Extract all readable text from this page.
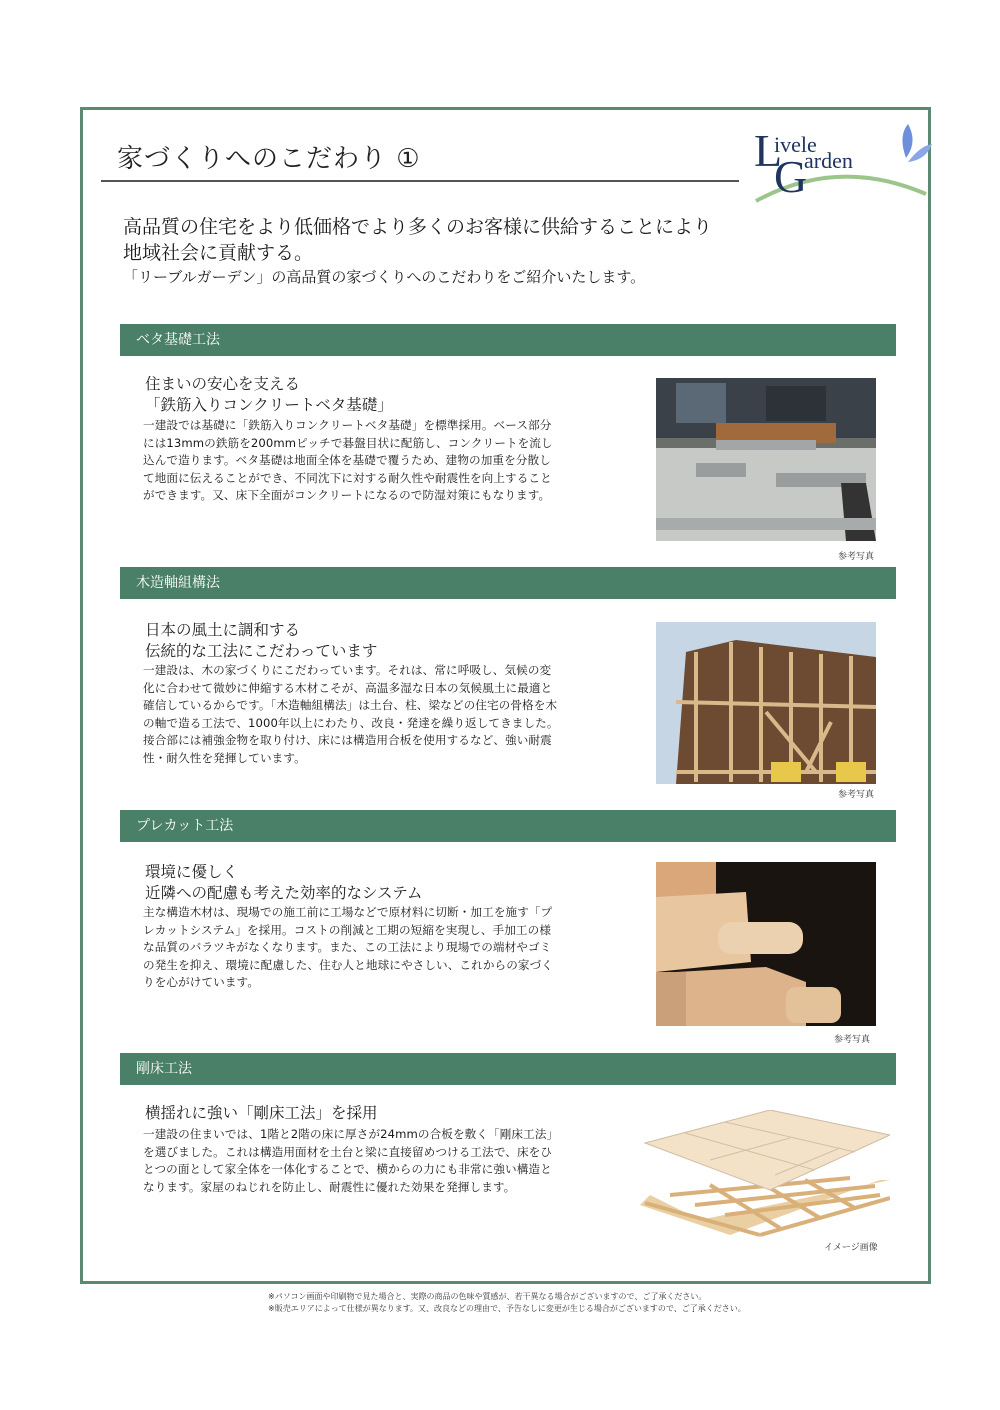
家づくりへのこだわり ①	L
ivele
G
arden
高品質の住宅をより低価格でより多くのお客様に供給することにより
地域社会に貢献する。
「リーブルガーデン」の高品質の家づくりへのこだわりをご紹介いたします。
ベタ基礎工法
住まいの安心を支える
「鉄筋入りコンクリートベタ基礎」
一建設では基礎に「鉄筋入りコンクリートベタ基礎」を標準採用。ベース部分には13mmの鉄筋を200mmピッチで碁盤目状に配筋し、コンクリートを流し込んで造ります。ベタ基礎は地面全体を基礎で覆うため、建物の加重を分散して地面に伝えることができ、不同沈下に対する耐久性や耐震性を向上することができます。又、床下全面がコンクリートになるので防湿対策にもなります。
参考写真
木造軸組構法
日本の風土に調和する
伝統的な工法にこだわっています
一建設は、木の家づくりにこだわっています。それは、常に呼吸し、気候の変化に合わせて微妙に伸縮する木材こそが、高温多湿な日本の気候風土に最適と確信しているからです。「木造軸組構法」は土台、柱、梁などの住宅の骨格を木の軸で造る工法で、1000年以上にわたり、改良・発達を繰り返してきました。接合部には補強金物を取り付け、床には構造用合板を使用するなど、強い耐震性・耐久性を発揮しています。
参考写真
プレカット工法
環境に優しく
近隣への配慮も考えた効率的なシステム
主な構造木材は、現場での施工前に工場などで原材料に切断・加工を施す「プレカットシステム」を採用。コストの削減と工期の短縮を実現し、手加工の様な品質のバラツキがなくなります。また、この工法により現場での端材やゴミの発生を抑え、環境に配慮した、住む人と地球にやさしい、これからの家づくりを心がけています。
参考写真
剛床工法
横揺れに強い「剛床工法」を採用
一建設の住まいでは、1階と2階の床に厚さが24mmの合板を敷く「剛床工法」を選びました。これは構造用面材を土台と梁に直接留めつける工法で、床をひとつの面として家全体を一体化することで、横からの力にも非常に強い構造となります。家屋のねじれを防止し、耐震性に優れた効果を発揮します。
イメージ画像
※パソコン画面や印刷物で見た場合と、実際の商品の色味や質感が、若干異なる場合がございますので、ご了承ください。
※販売エリアによって仕様が異なります。又、改良などの理由で、予告なしに変更が生じる場合がございますので、ご了承ください。
